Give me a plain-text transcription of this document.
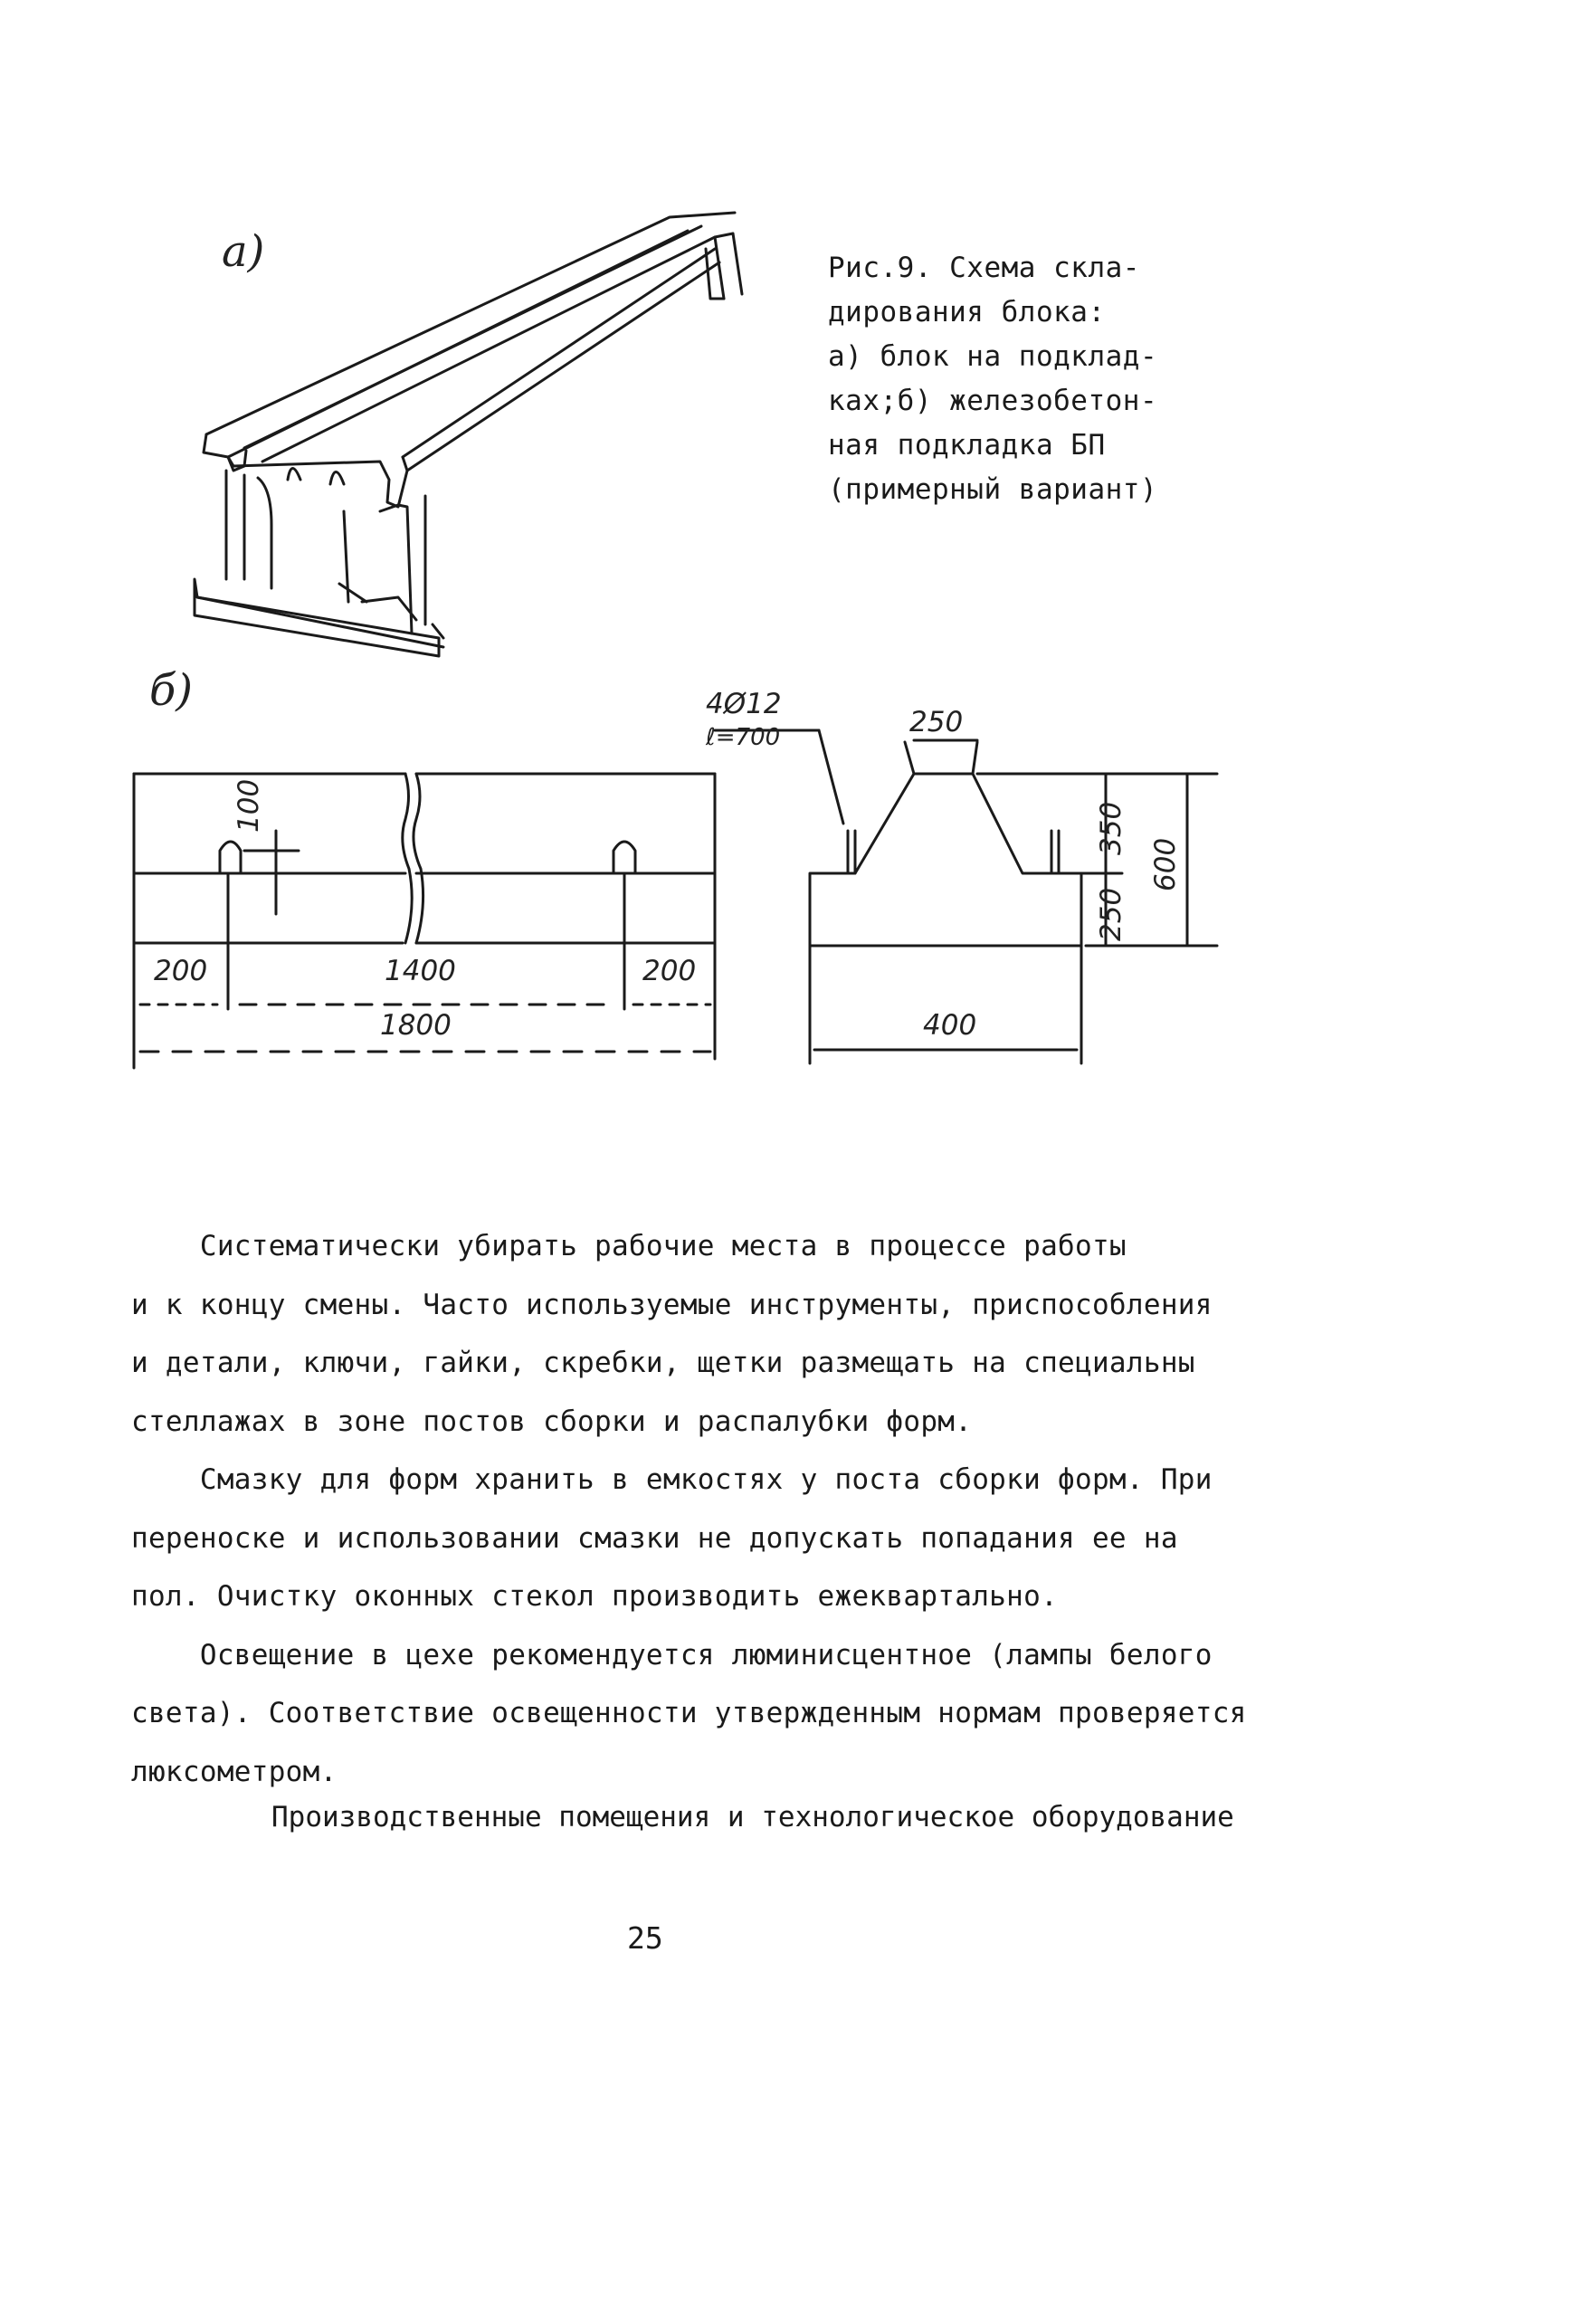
а)
б)
Рис.9. Схема скла-
дирования блока:
а) блок на подклад-
ках;б) железобетон-
ная подкладка БП
(примерный вариант)
100
200	1400	200
1800
4Ø12
ℓ=700	250
350
600
250
400

Систематически убирать рабочие места в процессе работы

и к концу смены. Часто используемые инструменты, приспособления

и детали, ключи, гайки, скребки, щетки размещать на специальны

стеллажах в зоне постов сборки и распалубки форм.

Смазку для форм хранить в емкостях у поста сборки форм. При

переноске и использовании смазки не допускать попадания ее на

пол. Очистку оконных стекол производить ежеквартально.

Освещение в цехе рекомендуется люминисцентное (лампы белого

света). Соответствие освещенности утвержденным нормам проверяется

люксометром.

Производственные помещения и технологическое оборудование
25
